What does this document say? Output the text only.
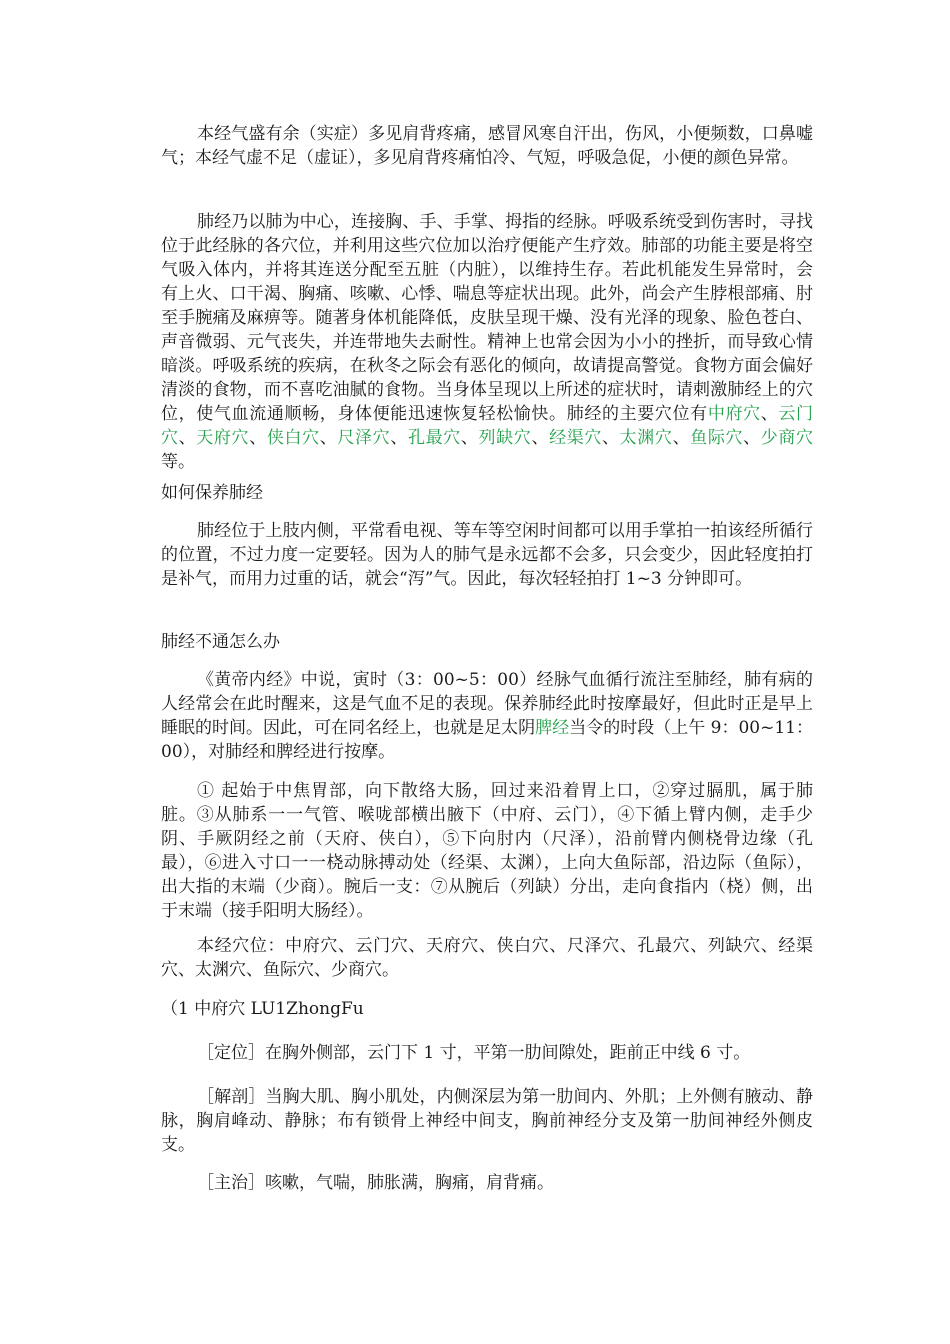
本经气盛有余（实症）多见肩背疼痛，感冒风寒自汗出，伤风，小便频数，口鼻嘘气；本经气虚不足（虚证），多见肩背疼痛怕冷、气短，呼吸急促，小便的颜色异常。

肺经乃以肺为中心，连接胸、手、手掌、拇指的经脉。呼吸系统受到伤害时，寻找位于此经脉的各穴位，并利用这些穴位加以治疗便能产生疗效。肺部的功能主要是将空气吸入体内，并将其连送分配至五脏（内脏），以维持生存。若此机能发生异常时，会有上火、口干渴、胸痛、咳嗽、心悸、喘息等症状出现。此外，尚会产生脖根部痛、肘至手腕痛及麻痹等。随著身体机能降低，皮肤呈现干燥、没有光泽的现象、脸色苍白、声音微弱、元气丧失，并连带地失去耐性。精神上也常会因为小小的挫折，而导致心情暗淡。呼吸系统的疾病，在秋冬之际会有恶化的倾向，故请提高警觉。食物方面会偏好清淡的食物，而不喜吃油腻的食物。当身体呈现以上所述的症状时，请刺激肺经上的穴位，使气血流通顺畅，身体便能迅速恢复轻松愉快。肺经的主要穴位有中府穴、云门穴、天府穴、侠白穴、尺泽穴、孔最穴、列缺穴、经渠穴、太渊穴、鱼际穴、少商穴等。

如何保养肺经

肺经位于上肢内侧，平常看电视、等车等空闲时间都可以用手掌拍一拍该经所循行的位置，不过力度一定要轻。因为人的肺气是永远都不会多，只会变少，因此轻度拍打是补气，而用力过重的话，就会“泻”气。因此，每次轻轻拍打 1~3 分钟即可。

肺经不通怎么办

《黄帝内经》中说，寅时（3：00~5：00）经脉气血循行流注至肺经，肺有病的人经常会在此时醒来，这是气血不足的表现。保养肺经此时按摩最好，但此时正是早上睡眠的时间。因此，可在同名经上，也就是足太阴脾经当令的时段（上午 9：00~11：00），对肺经和脾经进行按摩。

① 起始于中焦胃部，向下散络大肠，回过来沿着胃上口，②穿过膈肌，属于肺脏。③从肺系一一气管、喉咙部横出腋下（中府、云门），④下循上臂内侧，走手少阴、手厥阴经之前（天府、侠白），⑤下向肘内（尺泽），沿前臂内侧桡骨边缘（孔最），⑥进入寸口一一桡动脉搏动处（经渠、太渊），上向大鱼际部，沿边际（鱼际），出大指的末端（少商）。腕后一支：⑦从腕后（列缺）分出，走向食指内（桡）侧，出于末端（接手阳明大肠经）。

本经穴位：中府穴、云门穴、天府穴、侠白穴、尺泽穴、孔最穴、列缺穴、经渠穴、太渊穴、鱼际穴、少商穴。

（1 中府穴 LU1ZhongFu

［定位］在胸外侧部，云门下 1 寸，平第一肋间隙处，距前正中线 6 寸。

［解剖］当胸大肌、胸小肌处，内侧深层为第一肋间内、外肌；上外侧有腋动、静脉，胸肩峰动、静脉；布有锁骨上神经中间支，胸前神经分支及第一肋间神经外侧皮支。

［主治］咳嗽，气喘，肺胀满，胸痛，肩背痛。
